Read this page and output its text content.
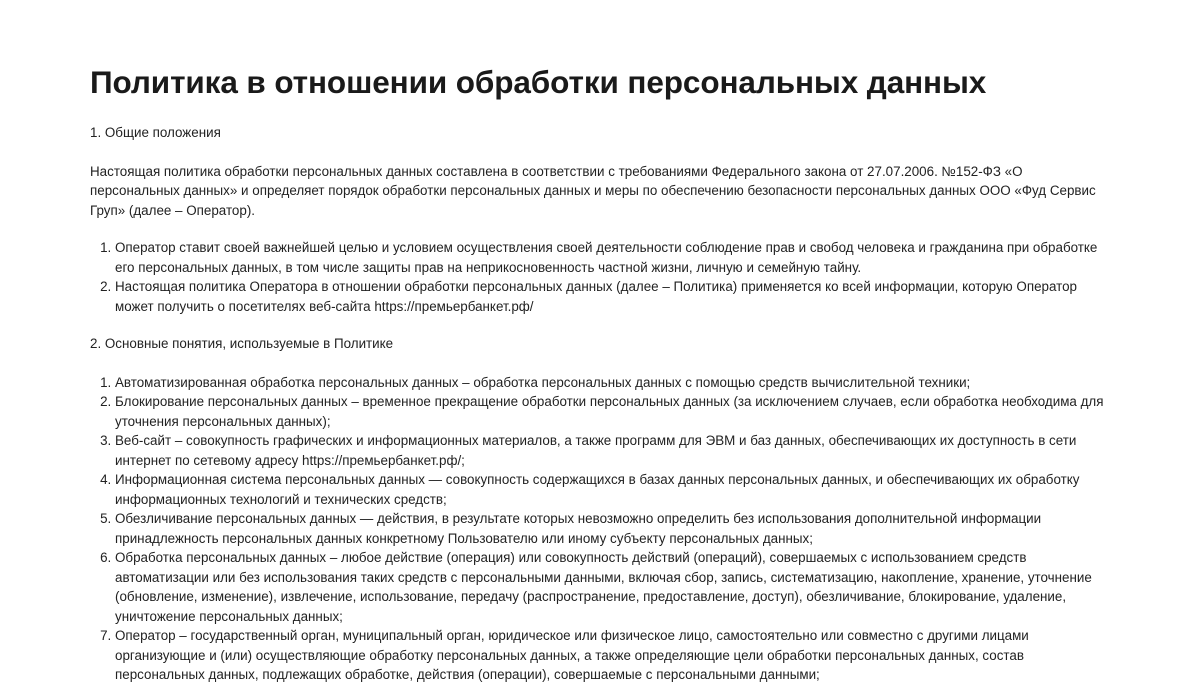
Политика в отношении обработки персональных данных

1. Общие положения

Настоящая политика обработки персональных данных составлена в соответствии с требованиями Федерального закона от 27.07.2006. №152-ФЗ «О персональных данных» и определяет порядок обработки персональных данных и меры по обеспечению безопасности персональных данных ООО «Фуд Сервис Груп» (далее – Оператор).

1. Оператор ставит своей важнейшей целью и условием осуществления своей деятельности соблюдение прав и свобод человека и гражданина при обработке его персональных данных, в том числе защиты прав на неприкосновенность частной жизни, личную и семейную тайну.
2. Настоящая политика Оператора в отношении обработки персональных данных (далее – Политика) применяется ко всей информации, которую Оператор может получить о посетителях веб-сайта https://премьербанкет.рф/

2. Основные понятия, используемые в Политике

1. Автоматизированная обработка персональных данных – обработка персональных данных с помощью средств вычислительной техники;
2. Блокирование персональных данных – временное прекращение обработки персональных данных (за исключением случаев, если обработка необходима для уточнения персональных данных);
3. Веб-сайт – совокупность графических и информационных материалов, а также программ для ЭВМ и баз данных, обеспечивающих их доступность в сети интернет по сетевому адресу https://премьербанкет.рф/;
4. Информационная система персональных данных — совокупность содержащихся в базах данных персональных данных, и обеспечивающих их обработку информационных технологий и технических средств;
5. Обезличивание персональных данных — действия, в результате которых невозможно определить без использования дополнительной информации принадлежность персональных данных конкретному Пользователю или иному субъекту персональных данных;
6. Обработка персональных данных – любое действие (операция) или совокупность действий (операций), совершаемых с использованием средств автоматизации или без использования таких средств с персональными данными, включая сбор, запись, систематизацию, накопление, хранение, уточнение (обновление, изменение), извлечение, использование, передачу (распространение, предоставление, доступ), обезличивание, блокирование, удаление, уничтожение персональных данных;
7. Оператор – государственный орган, муниципальный орган, юридическое или физическое лицо, самостоятельно или совместно с другими лицами организующие и (или) осуществляющие обработку персональных данных, а также определяющие цели обработки персональных данных, состав персональных данных, подлежащих обработке, действия (операции), совершаемые с персональными данными;
